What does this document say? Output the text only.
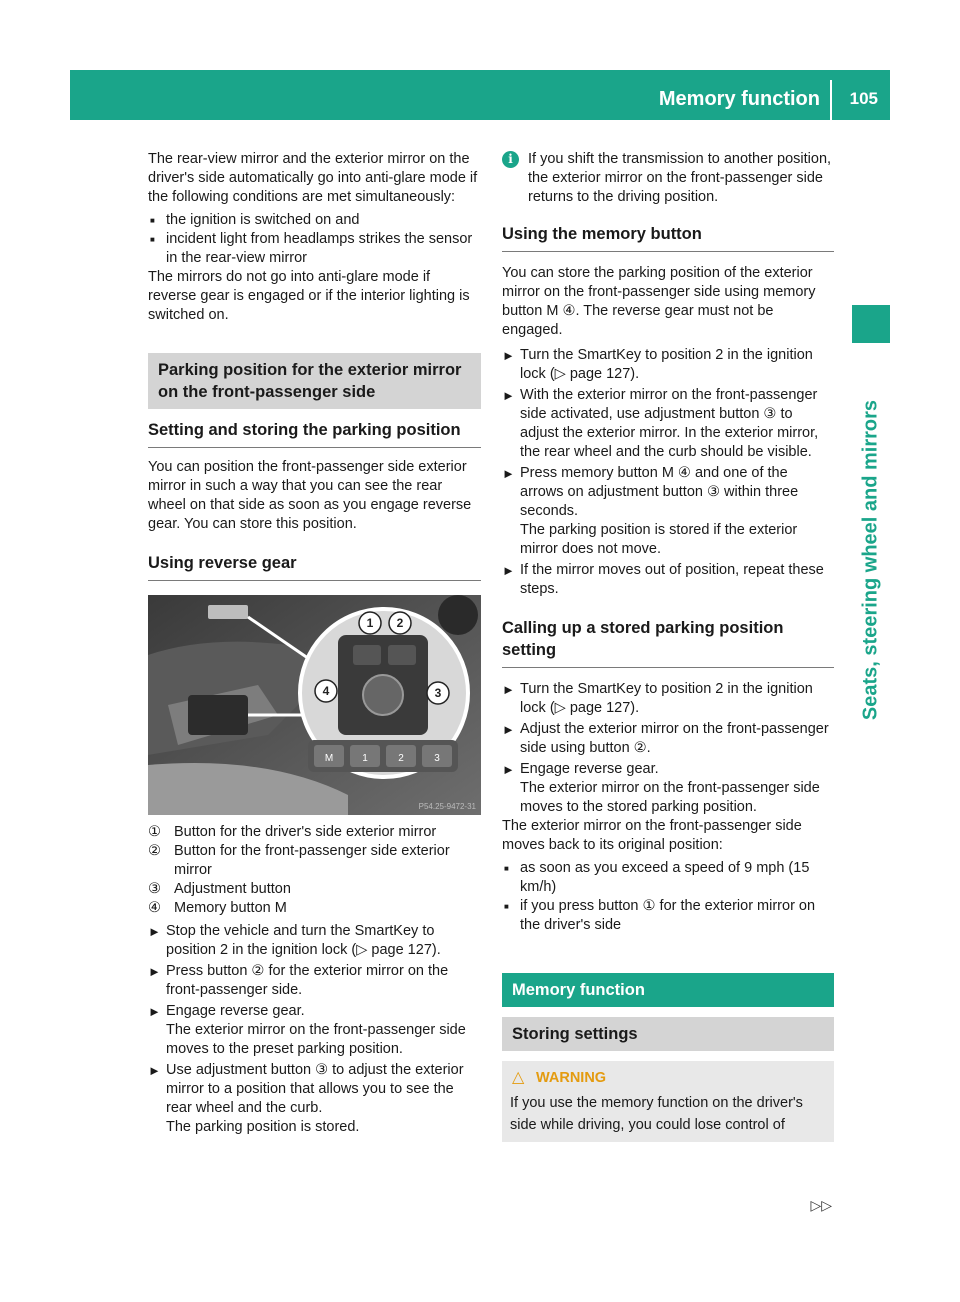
Memory function 105
Seats, steering wheel and mirrors

The rear-view mirror and the exterior mirror on the driver's side automatically go into anti-glare mode if the following conditions are met simultaneously:

■ the ignition is switched on and
■ incident light from headlamps strikes the sensor in the rear-view mirror

The mirrors do not go into anti-glare mode if reverse gear is engaged or if the interior lighting is switched on.

Parking position for the exterior mirror on the front-passenger side
Setting and storing the parking position

You can position the front-passenger side exterior mirror in such a way that you can see the rear wheel on that side as soon as you engage reverse gear. You can store this position.

Using reverse gear
M	1	2	3
1 2
3
4
P54.25-9472-31
① Button for the driver's side exterior mirror
② Button for the front-passenger side exterior mirror
③ Adjustment button
④ Memory button M
► Stop the vehicle and turn the SmartKey to position 2 in the ignition lock (▷ page 127).
► Press button ② for the exterior mirror on the front-passenger side.
► Engage reverse gear.
The exterior mirror on the front-passenger side moves to the preset parking position.
► Use adjustment button ③ to adjust the exterior mirror to a position that allows you to see the rear wheel and the curb.
The parking position is stored.
i	If you shift the transmission to another position, the exterior mirror on the front-passenger side returns to the driving position.
Using the memory button

You can store the parking position of the exterior mirror on the front-passenger side using memory button M ④. The reverse gear must not be engaged.

► Turn the SmartKey to position 2 in the ignition lock (▷ page 127).
► With the exterior mirror on the front-passenger side activated, use adjustment button ③ to adjust the exterior mirror. In the exterior mirror, the rear wheel and the curb should be visible.
► Press memory button M ④ and one of the arrows on adjustment button ③ within three seconds.
The parking position is stored if the exterior mirror does not move.
► If the mirror moves out of position, repeat these steps.
Calling up a stored parking position setting
► Turn the SmartKey to position 2 in the ignition lock (▷ page 127).
► Adjust the exterior mirror on the front-passenger side using button ②.
► Engage reverse gear.
The exterior mirror on the front-passenger side moves to the stored parking position.

The exterior mirror on the front-passenger side moves back to its original position:

■ as soon as you exceed a speed of 9 mph (15 km/h)
■ if you press button ① for the exterior mirror on the driver's side
Memory function
Storing settings
△ WARNING

If you use the memory function on the driver's side while driving, you could lose control of

▷▷
